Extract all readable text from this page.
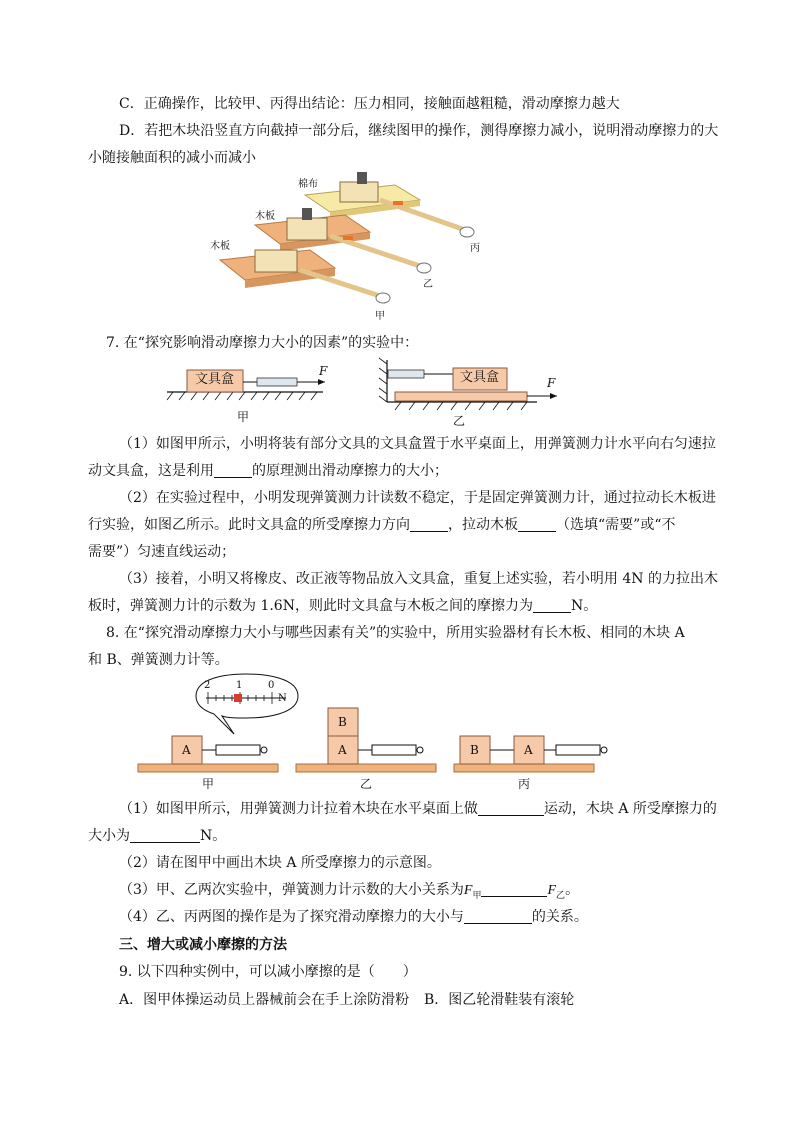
C．正确操作，比较甲、丙得出结论：压力相同，接触面越粗糙，滑动摩擦力越大
D．若把木块沿竖直方向截掉一部分后，继续图甲的操作，测得摩擦力减小，说明滑动摩擦力的大
小随接触面积的减小而减小
棉布
木板
木板	丙
乙
甲
7. 在“探究影响滑动摩擦力大小的因素”的实验中：
文具盒	文具盒
F
F
甲	乙
（1）如图甲所示，小明将装有部分文具的文具盒置于水平桌面上，用弹簧测力计水平向右匀速拉
动文具盒，这是利用	的原理测出滑动摩擦力的大小；
（2）在实验过程中，小明发现弹簧测力计读数不稳定，于是固定弹簧测力计，通过拉动长木板进
行实验，如图乙所示。此时文具盒的所受摩擦力方向	，拉动木板	（选填“需要”或“不
需要”）匀速直线运动；
（3）接着，小明又将橡皮、改正液等物品放入文具盒，重复上述实验，若小明用 4N 的力拉出木
板时，弹簧测力计的示数为 1.6N，则此时文具盒与木板之间的摩擦力为	N。
8. 在“探究滑动摩擦力大小与哪些因素有关”的实验中，所用实验器材有长木板、相同的木块 A
和 B、弹簧测力计等。
2	1	0
N
A
B
A	B	A
甲	乙	丙
（1）如图甲所示，用弹簧测力计拉着木块在水平桌面上做	运动，木块 A 所受摩擦力的
大小为	N。
（2）请在图甲中画出木块 A 所受摩擦力的示意图。
（3）甲、乙两次实验中，弹簧测力计示数的大小关系为$F_甲$	$F_乙$。
（4）乙、丙两图的操作是为了探究滑动摩擦力的大小与	的关系。
三、增大或减小摩擦的方法
9. 以下四种实例中，可以减小摩擦的是（　　）
A．图甲体操运动员上器械前会在手上涂防滑粉 B．图乙轮滑鞋装有滚轮
